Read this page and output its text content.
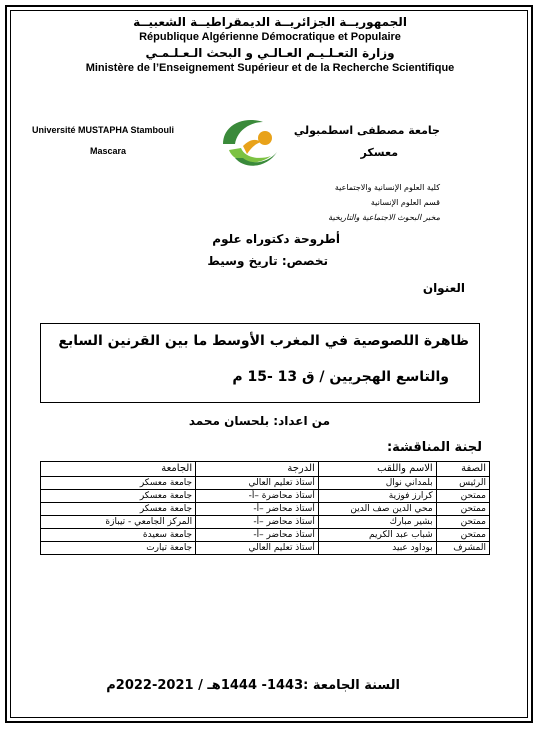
الجمهوريــة الجزائريــة الديمقراطيــة الشعبيــة
République Algérienne Démocratique et Populaire
وزارة التعـلـيـم العـالـي و البحث الـعـلـمـي
Ministère de l’Enseignement Supérieur et de la Recherche Scientifique
Université MUSTAPHA Stambouli
Mascara
جامعة مصطفى اسطمبولي
معسكر
كلية العلوم الإنسانية والاجتماعية
قسم العلوم الإنسانية
مخبر البحوث الاجتماعية والتاريخية
أطروحة دكتوراه علوم
تخصص: تاريخ وسيط
العنوان
ظاهرة اللصوصية في المغرب الأوسط ما بين القرنين السابع
والتاسع الهجريين / ق 13 -15 م
من اعداد: بلحسان محمد
لجنة المناقشة:
الصفة	الاسم واللقب	الدرجة	الجامعة
الرئيس	بلمداني نوال	أستاذ تعليم العالي	جامعة معسكر
ممتحن	كرارز فوزية	أستاذ محاضرة –أ-	جامعة معسكر
ممتحن	محي الدين صف الدين	أستاذ محاضر –أ-	جامعة معسكر
ممتحن	بشير مبارك	أستاذ محاضر –أ-	المركز الجامعي - تيبازة
ممتحن	شباب عبد الكريم	أستاذ محاضر –أ-	جامعة سعيدة
المشرف	بوداود عبيد	أستاذ تعليم العالي	جامعة تيارت
السنة الجامعة :1443- 1444هـ / 2021-2022م
